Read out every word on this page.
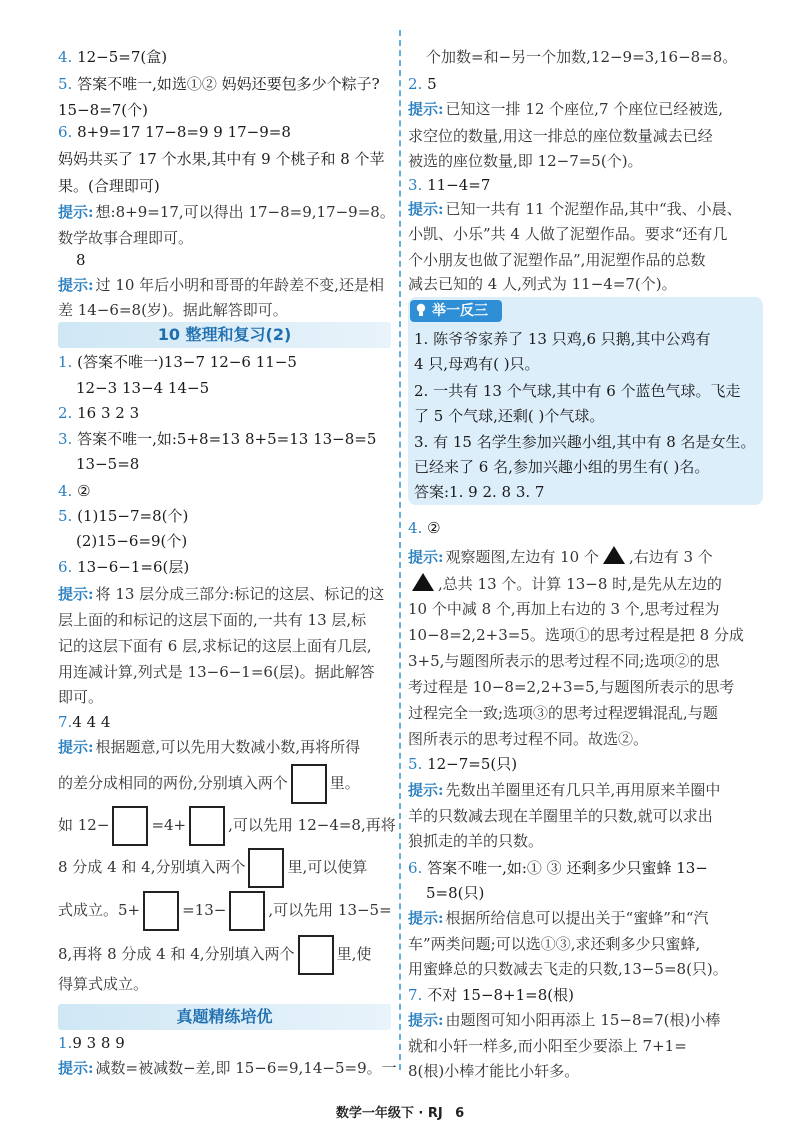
4. 12−5=7(盒)
5. 答案不唯一,如选①② 妈妈还要包多少个粽子?
15−8=7(个)
6. 8+9=17 17−8=9 9 17−9=8
妈妈共买了 17 个水果,其中有 9 个桃子和 8 个苹
果。(合理即可)
提示: 想:8+9=17,可以得出 17−8=9,17−9=8。
数学故事合理即可。
8
提示: 过 10 年后小明和哥哥的年龄差不变,还是相
差 14−6=8(岁)。据此解答即可。
10 整理和复习(2)
1. (答案不唯一)13−7 12−6 11−5
12−3 13−4 14−5
2. 16 3 2 3
3. 答案不唯一,如:5+8=13 8+5=13 13−8=5
13−5=8
4. ②
5. (1)15−7=8(个)
(2)15−6=9(个)
6. 13−6−1=6(层)
提示: 将 13 层分成三部分:标记的这层、标记的这
层上面的和标记的这层下面的,一共有 13 层,标
记的这层下面有 6 层,求标记的这层上面有几层,
用连减计算,列式是 13−6−1=6(层)。据此解答
即可。
7.4 4 4
提示: 根据题意,可以先用大数减小数,再将所得
的差分成相同的两份,分别填入两个	里。
如 12−	=4+	,可以先用 12−4=8,再将
8 分成 4 和 4,分别填入两个	里,可以使算
式成立。5+	=13−	,可以先用 13−5=
8,再将 8 分成 4 和 4,分别填入两个	里,使
得算式成立。
真题精练培优
1.9 3 8 9
提示: 减数=被减数−差,即 15−6=9,14−5=9。一
个加数=和−另一个加数,12−9=3,16−8=8。
2. 5
提示: 已知这一排 12 个座位,7 个座位已经被选,
求空位的数量,用这一排总的座位数量减去已经
被选的座位数量,即 12−7=5(个)。
3. 11−4=7
提示: 已知一共有 11 个泥塑作品,其中“我、小晨、
小凯、小乐”共 4 人做了泥塑作品。要求“还有几
个小朋友也做了泥塑作品”,用泥塑作品的总数
减去已知的 4 人,列式为 11−4=7(个)。
举一反三
1. 陈爷爷家养了 13 只鸡,6 只鹅,其中公鸡有
4 只,母鸡有( )只。
2. 一共有 13 个气球,其中有 6 个蓝色气球。飞走
了 5 个气球,还剩( )个气球。
3. 有 15 名学生参加兴趣小组,其中有 8 名是女生。
已经来了 6 名,参加兴趣小组的男生有( )名。
答案:1. 9 2. 8 3. 7
4. ②
提示: 观察题图,左边有 10 个 ,右边有 3 个
,总共 13 个。计算 13−8 时,是先从左边的
10 个中减 8 个,再加上右边的 3 个,思考过程为
10−8=2,2+3=5。选项①的思考过程是把 8 分成
3+5,与题图所表示的思考过程不同;选项②的思
考过程是 10−8=2,2+3=5,与题图所表示的思考
过程完全一致;选项③的思考过程逻辑混乱,与题
图所表示的思考过程不同。故选②。
5. 12−7=5(只)
提示: 先数出羊圈里还有几只羊,再用原来羊圈中
羊的只数减去现在羊圈里羊的只数,就可以求出
狼抓走的羊的只数。
6. 答案不唯一,如:① ③ 还剩多少只蜜蜂 13−
5=8(只)
提示: 根据所给信息可以提出关于“蜜蜂”和“汽
车”两类问题;可以选①③,求还剩多少只蜜蜂,
用蜜蜂总的只数减去飞走的只数,13−5=8(只)。
7. 不对 15−8+1=8(根)
提示: 由题图可知小阳再添上 15−8=7(根)小棒
就和小轩一样多,而小阳至少要添上 7+1=
8(根)小棒才能比小轩多。
数学一年级下 · RJ 6
